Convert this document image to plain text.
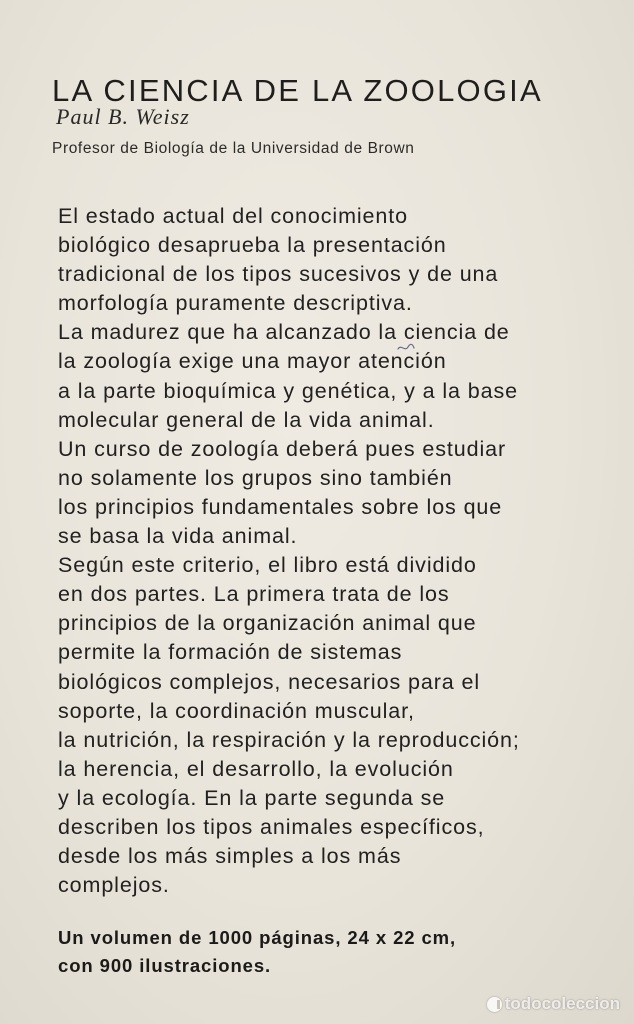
LA CIENCIA DE LA ZOOLOGIA
Paul B. Weisz
Profesor de Biología de la Universidad de Brown
El estado actual del conocimiento
biológico desaprueba la presentación
tradicional de los tipos sucesivos y de una
morfología puramente descriptiva.
La madurez que ha alcanzado la ciencia de
la zoología exige una mayor atención
a la parte bioquímica y genética, y a la base
molecular general de la vida animal.
Un curso de zoología deberá pues estudiar
no solamente los grupos sino también
los principios fundamentales sobre los que
se basa la vida animal.
Según este criterio, el libro está dividido
en dos partes. La primera trata de los
principios de la organización animal que
permite la formación de sistemas
biológicos complejos, necesarios para el
soporte, la coordinación muscular,
la nutrición, la respiración y la reproducción;
la herencia, el desarrollo, la evolución
y la ecología. En la parte segunda se
describen los tipos animales específicos,
desde los más simples a los más
complejos.
Un volumen de 1000 páginas, 24 x 22 cm,
con 900 ilustraciones.
todocoleccion
